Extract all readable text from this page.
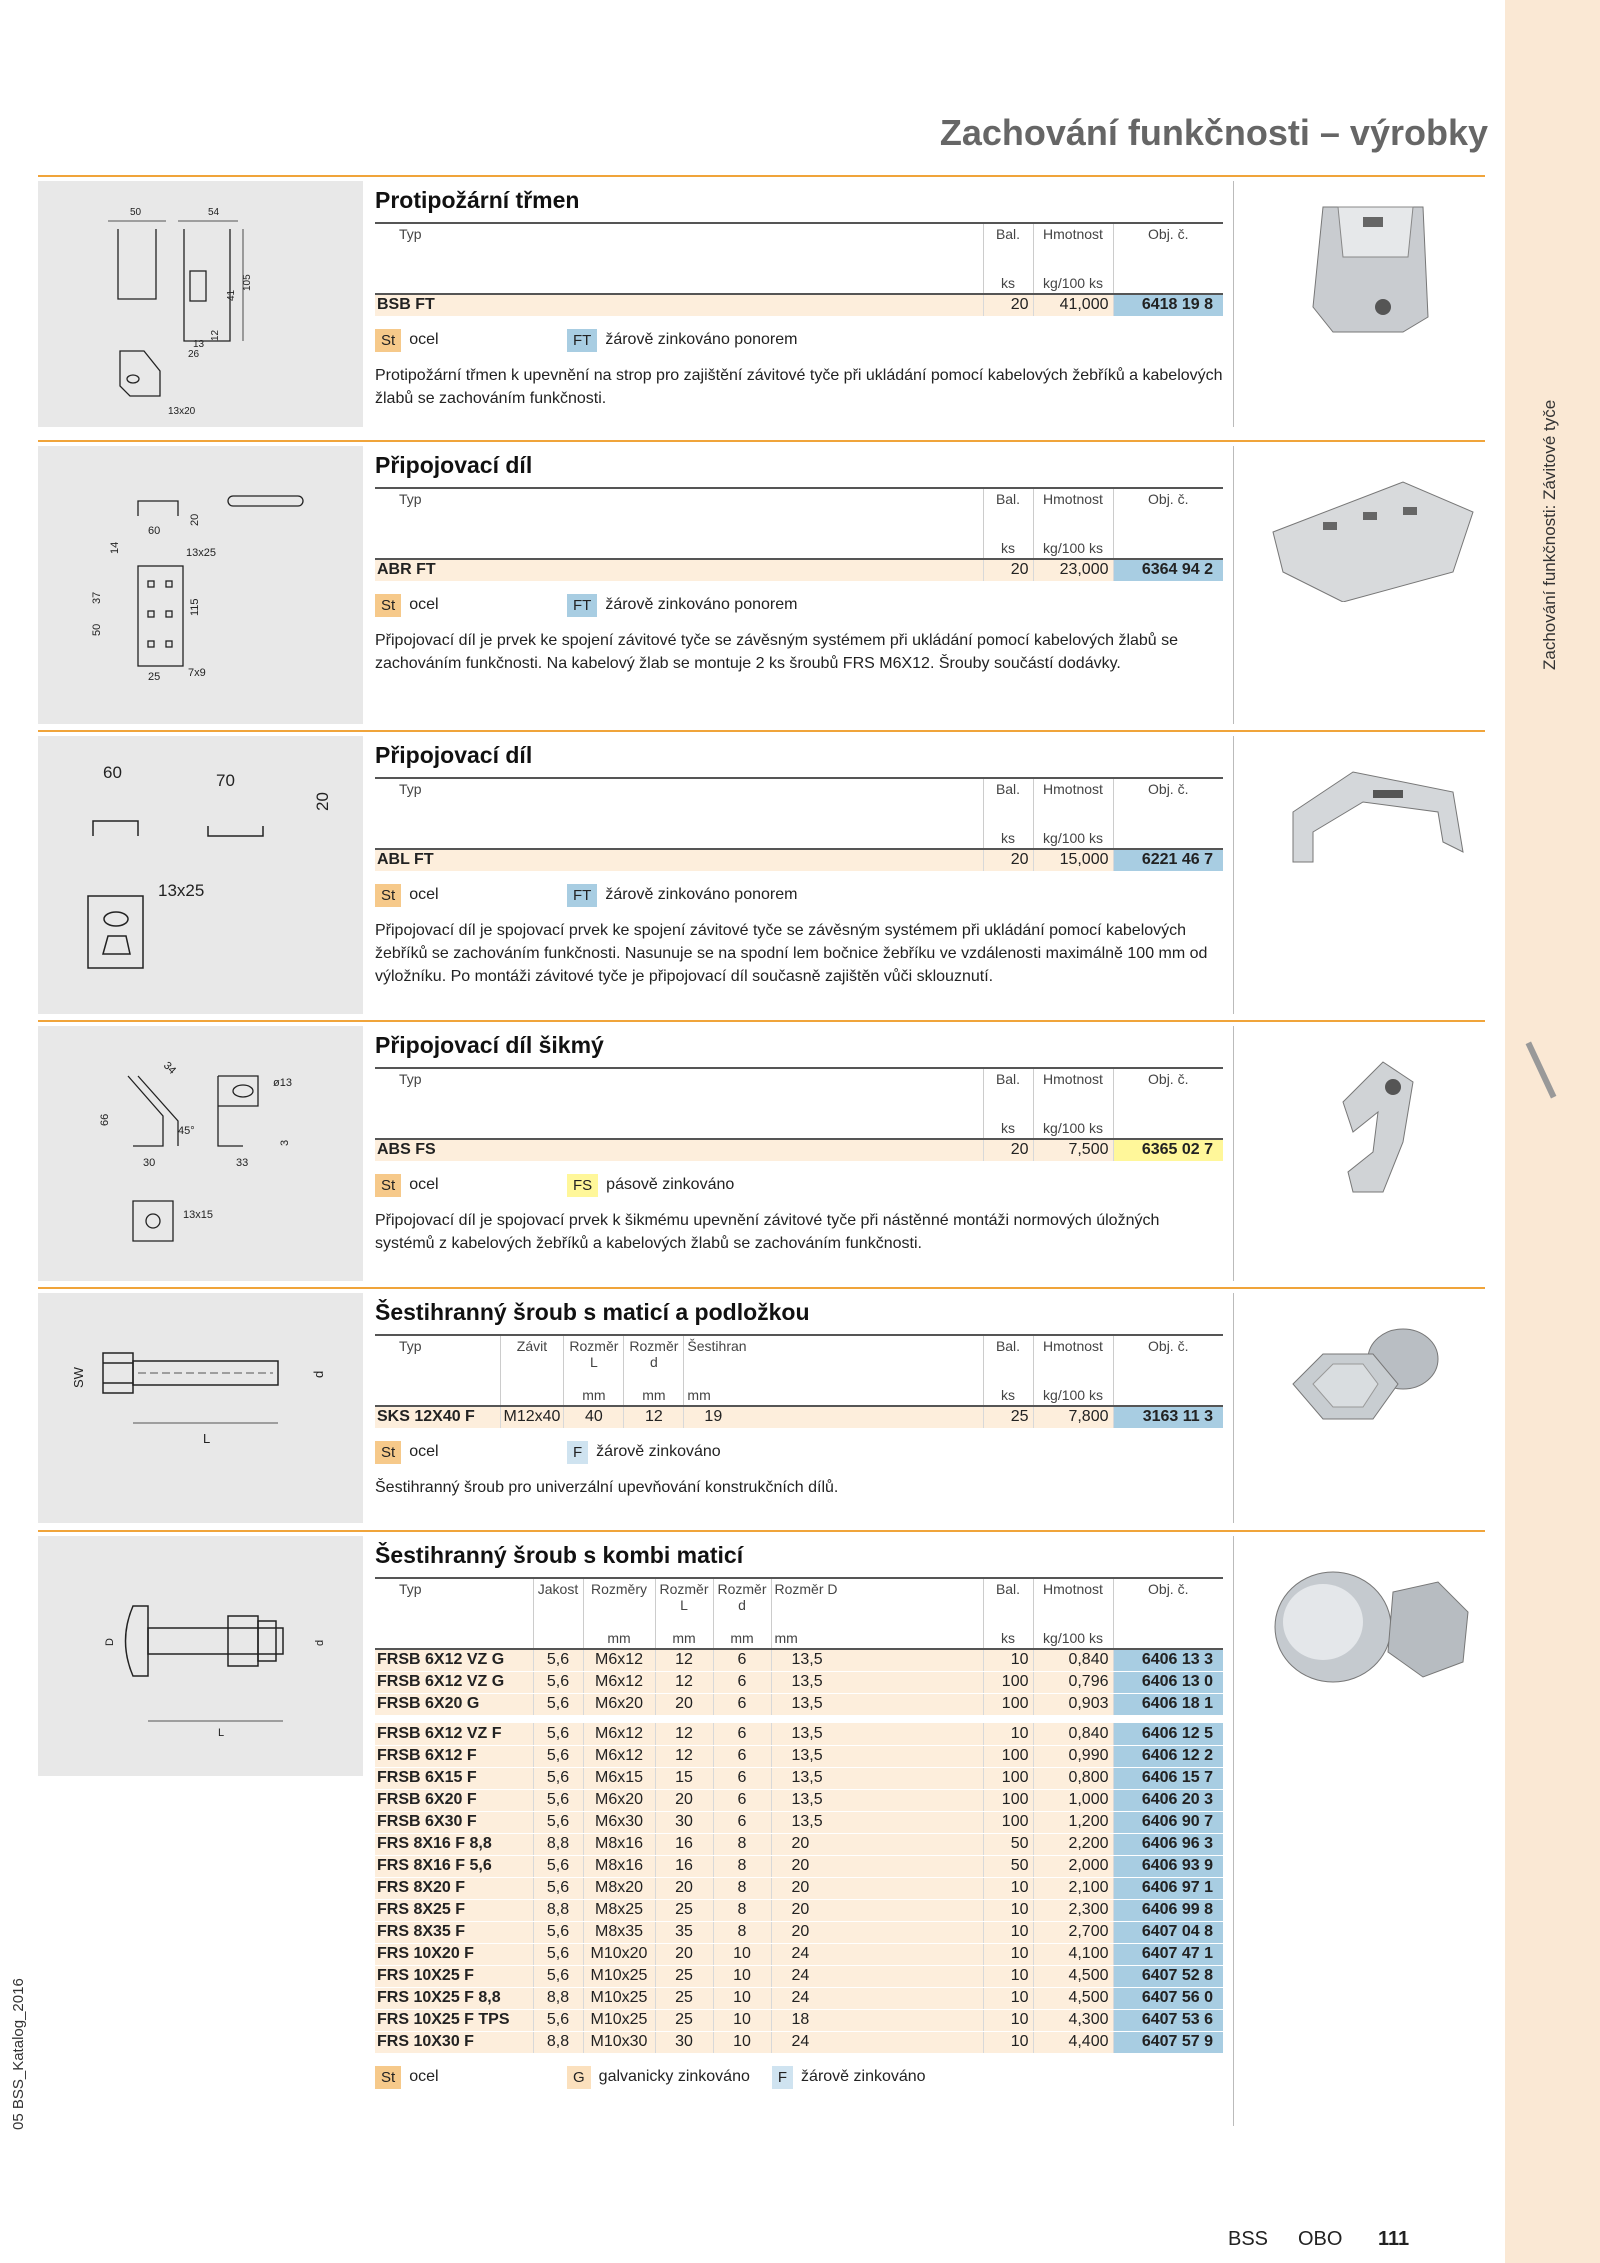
Zachování funkčnosti: Závitové tyče
05 BSS_Katalog_2016
Zachování funkčnosti – výrobky
50	54
105
41
12
26
13
13x20
Protipožární třmen
Typ	Bal.	Hmotnost	Obj. č.
	ks	kg/100 ks	
BSB FT	20	41,000	6418 19 8
St ocel	FT žárově zinkováno ponorem
Protipožární třmen k upevnění na strop pro zajištění závitové tyče při ukládání pomocí kabelových žebříků a kabelových žlabů se zachováním funkčnosti.
60
20
14	13x25
37
50
115
25	7x9
Připojovací díl
Typ	Bal.	Hmotnost	Obj. č.
	ks	kg/100 ks	
ABR FT	20	23,000	6364 94 2
St ocel	FT žárově zinkováno ponorem
Připojovací díl je prvek ke spojení závitové tyče se závěsným systémem při ukládání pomocí kabelových žlabů se zachováním funkčnosti. Na kabelový žlab se montuje 2 ks šroubů FRS M6X12. Šrouby součástí dodávky.
60	70
20
13x25
Připojovací díl
Typ	Bal.	Hmotnost	Obj. č.
	ks	kg/100 ks	
ABL FT	20	15,000	6221 46 7
St ocel	FT žárově zinkováno ponorem
Připojovací díl je spojovací prvek ke spojení závitové tyče se závěsným systémem při ukládání pomocí kabelových žebříků se zachováním funkčnosti. Nasunuje se na spodní lem bočnice žebříku ve vzdálenosti maximálně 100 mm od výložníku. Po montáži závitové tyče je připojovací díl současně zajištěn vůči sklouznutí.
34
66
45°
ø13
3
30	33
13x15
Připojovací díl šikmý
Typ	Bal.	Hmotnost	Obj. č.
	ks	kg/100 ks	
ABS FS	20	7,500	6365 02 7
St ocel	FS pásově zinkováno
Připojovací díl je spojovací prvek k šikmému upevnění závitové tyče při nástěnné montáži normových úložných systémů z kabelových žebříků a kabelových žlabů se zachováním funkčnosti.
SW	d
L
Šestihranný šroub s maticí a podložkou
Typ	Závit	Rozměr L	Rozměr d	Šestihran	Bal.	Hmotnost	Obj. č.
		mm	mm	mm	ks	kg/100 ks	
SKS 12X40 F	M12x40	40	12	19	25	7,800	3163 11 3
St ocel	F žárově zinkováno
Šestihranný šroub pro univerzální upevňování konstrukčních dílů.
D	d
L
Šestihranný šroub s kombi maticí
Typ	Jakost	Rozměry	Rozměr L	Rozměr d	Rozměr D	Bal.	Hmotnost	Obj. č.
		mm	mm	mm	mm	ks	kg/100 ks	
FRSB 6X12 VZ G	5,6	M6x12	12	6	13,5	10	0,840	6406 13 3
FRSB 6X12 VZ G	5,6	M6x12	12	6	13,5	100	0,796	6406 13 0
FRSB 6X20 G	5,6	M6x20	20	6	13,5	100	0,903	6406 18 1

FRSB 6X12 VZ F	5,6	M6x12	12	6	13,5	10	0,840	6406 12 5
FRSB 6X12 F	5,6	M6x12	12	6	13,5	100	0,990	6406 12 2
FRSB 6X15 F	5,6	M6x15	15	6	13,5	100	0,800	6406 15 7
FRSB 6X20 F	5,6	M6x20	20	6	13,5	100	1,000	6406 20 3
FRSB 6X30 F	5,6	M6x30	30	6	13,5	100	1,200	6406 90 7
FRS 8X16 F 8,8	8,8	M8x16	16	8	20	50	2,200	6406 96 3
FRS 8X16 F 5,6	5,6	M8x16	16	8	20	50	2,000	6406 93 9
FRS 8X20 F	5,6	M8x20	20	8	20	10	2,100	6406 97 1
FRS 8X25 F	8,8	M8x25	25	8	20	10	2,300	6406 99 8
FRS 8X35 F	5,6	M8x35	35	8	20	10	2,700	6407 04 8
FRS 10X20 F	5,6	M10x20	20	10	24	10	4,100	6407 47 1
FRS 10X25 F	5,6	M10x25	25	10	24	10	4,500	6407 52 8
FRS 10X25 F 8,8	8,8	M10x25	25	10	24	10	4,500	6407 56 0
FRS 10X25 F TPS	5,6	M10x25	25	10	18	10	4,300	6407 53 6
FRS 10X30 F	8,8	M10x30	30	10	24	10	4,400	6407 57 9
St ocel	G galvanicky zinkováno	F žárově zinkováno
BSS OBO 111
